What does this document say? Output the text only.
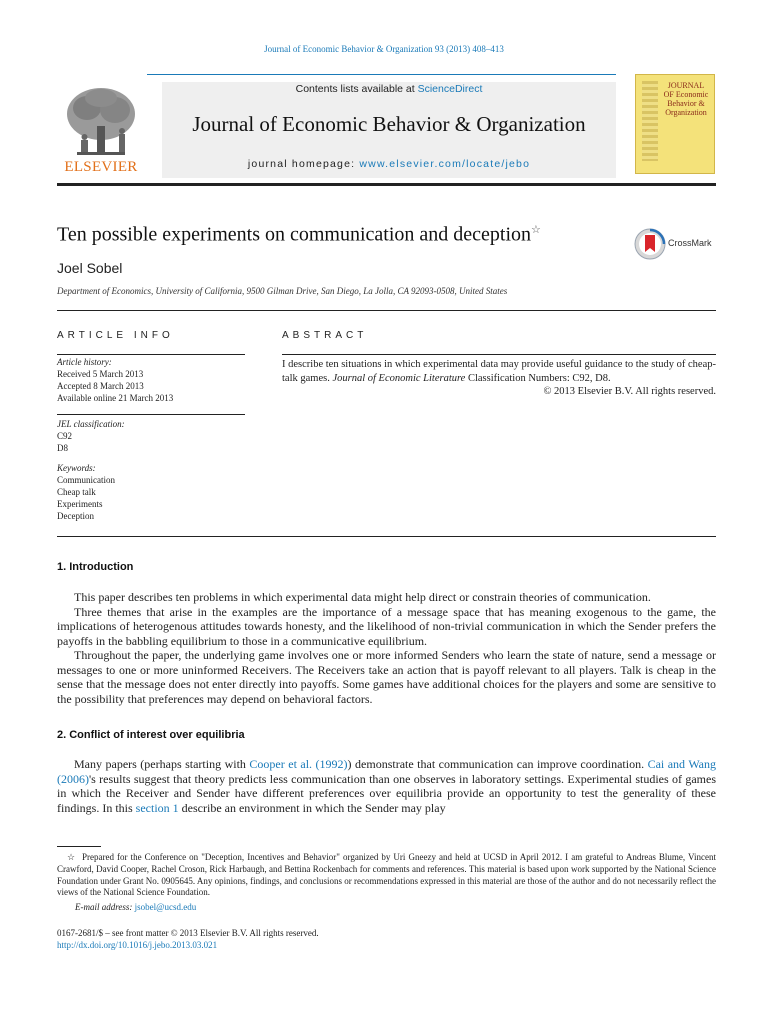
Journal of Economic Behavior & Organization 93 (2013) 408–413
Contents lists available at ScienceDirect
Journal of Economic Behavior & Organization
journal homepage: www.elsevier.com/locate/jebo
ELSEVIER
JOURNAL OF Economic Behavior & Organization
Ten possible experiments on communication and deception☆
CrossMark
Joel Sobel
Department of Economics, University of California, 9500 Gilman Drive, San Diego, La Jolla, CA 92093-0508, United States
ARTICLE INFO	ABSTRACT
Article history:
Received 5 March 2013
Accepted 8 March 2013
Available online 21 March 2013
JEL classification:
C92
D8
Keywords:
Communication
Cheap talk
Experiments
Deception
I describe ten situations in which experimental data may provide useful guidance to the study of cheap-talk games. Journal of Economic Literature Classification Numbers: C92, D8.
© 2013 Elsevier B.V. All rights reserved.
1. Introduction

This paper describes ten problems in which experimental data might help direct or constrain theories of communication.

Three themes that arise in the examples are the importance of a message space that has meaning exogenous to the game, the implications of heterogenous attitudes towards honesty, and the likelihood of non-trivial communication in which the Sender prefers the payoffs in the babbling equilibrium to those in a communicative equilibrium.

Throughout the paper, the underlying game involves one or more informed Senders who learn the state of nature, send a message or messages to one or more uninformed Receivers. The Receivers take an action that is payoff relevant to all players. Talk is cheap in the sense that the message does not enter directly into payoffs. Some games have additional choices for the players and some are sensitive to the possibility that preferences may depend on behavioral factors.

2. Conflict of interest over equilibria

Many papers (perhaps starting with Cooper et al. (1992)) demonstrate that communication can improve coordination. Cai and Wang (2006)'s results suggest that theory predicts less communication than one observes in laboratory settings. Experimental studies of games in which the Receiver and Sender have different preferences over equilibria provide an opportunity to test the generality of these findings. In this section 1 describe an environment in which the Sender may play

☆ Prepared for the Conference on "Deception, Incentives and Behavior" organized by Uri Gneezy and held at UCSD in April 2012. I am grateful to Andreas Blume, Vincent Crawford, David Cooper, Rachel Croson, Rick Harbaugh, and Bettina Rockenbach for comments and references. This material is based upon work supported by the National Science Foundation under Grant No. 0905645. Any opinions, findings, and conclusions or recommendations expressed in this material are those of the author and do not necessarily reflect the views of the National Science Foundation.
E-mail address: jsobel@ucsd.edu
0167-2681/$ – see front matter © 2013 Elsevier B.V. All rights reserved.
http://dx.doi.org/10.1016/j.jebo.2013.03.021
